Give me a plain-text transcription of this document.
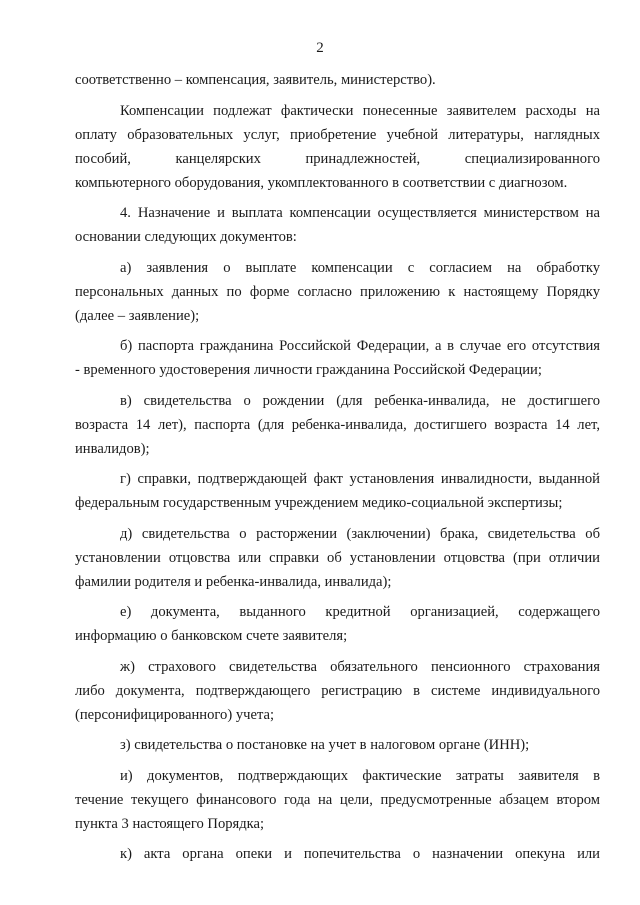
2
соответственно – компенсация, заявитель, министерство).
Компенсации подлежат фактически понесенные заявителем расходы на
оплату образовательных услуг, приобретение учебной литературы, наглядных
пособий, канцелярских принадлежностей, специализированного
компьютерного оборудования, укомплектованного в соответствии с диагнозом.
4. Назначение и выплата компенсации осуществляется министерством на
основании следующих документов:
а) заявления о выплате компенсации с согласием на обработку
персональных данных по форме согласно приложению к настоящему Порядку
(далее – заявление);
б) паспорта гражданина Российской Федерации, а в случае его отсутствия
- временного удостоверения личности гражданина Российской Федерации;
в) свидетельства о рождении (для ребенка-инвалида, не достигшего
возраста 14 лет), паспорта (для ребенка-инвалида, достигшего возраста 14 лет,
инвалидов);
г) справки, подтверждающей факт установления инвалидности, выданной
федеральным государственным учреждением медико-социальной экспертизы;
д) свидетельства о расторжении (заключении) брака, свидетельства об
установлении отцовства или справки об установлении отцовства (при отличии
фамилии родителя и ребенка-инвалида, инвалида);
е) документа, выданного кредитной организацией, содержащего
информацию о банковском счете заявителя;
ж) страхового свидетельства обязательного пенсионного страхования
либо документа, подтверждающего регистрацию в системе индивидуального
(персонифицированного) учета;
з) свидетельства о постановке на учет в налоговом органе (ИНН);
и) документов, подтверждающих фактические затраты заявителя в
течение текущего финансового года на цели, предусмотренные абзацем втором
пункта 3 настоящего Порядка;
к) акта органа опеки и попечительства о назначении опекуна или
